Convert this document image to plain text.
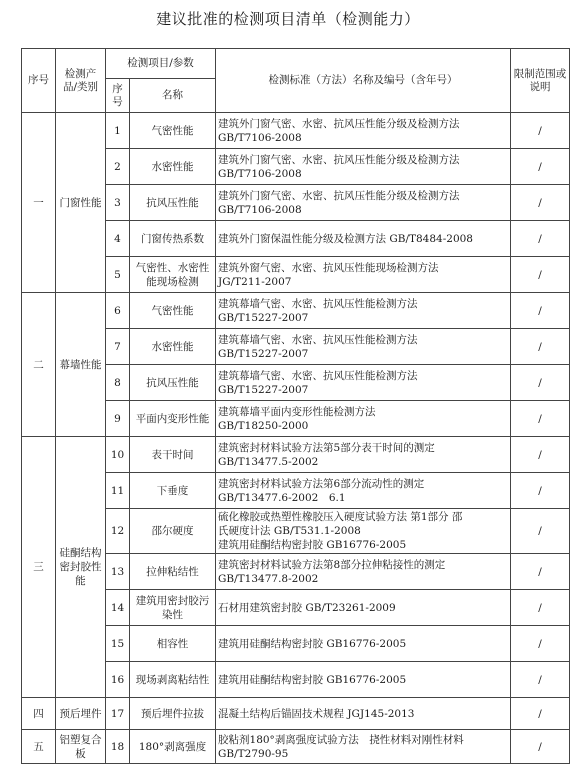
建议批准的检测项目清单（检测能力）
序号	检测产品/类别	检测项目/参数		检测标准（方法）名称及编号（含年号）	限制范围或说明
		序号	名称		
一	门窗性能	1	气密性能	建筑外门窗气密、水密、抗风压性能分级及检测方法
GB/T7106-2008	/
		2	水密性能	建筑外门窗气密、水密、抗风压性能分级及检测方法
GB/T7106-2008	/
		3	抗风压性能	建筑外门窗气密、水密、抗风压性能分级及检测方法
GB/T7106-2008	/
		4	门窗传热系数	建筑外门窗保温性能分级及检测方法 GB/T8484-2008	/
		5	气密性、水密性能现场检测	建筑外窗气密、水密、抗风压性能现场检测方法
JG/T211-2007	/
二	幕墙性能	6	气密性能	建筑幕墙气密、水密、抗风压性能检测方法
GB/T15227-2007	/
		7	水密性能	建筑幕墙气密、水密、抗风压性能检测方法
GB/T15227-2007	/
		8	抗风压性能	建筑幕墙气密、水密、抗风压性能检测方法
GB/T15227-2007	/
		9	平面内变形性能	建筑幕墙平面内变形性能检测方法
GB/T18250-2000	/
三	硅酮结构密封胶性能	10	表干时间	建筑密封材料试验方法第5部分表干时间的测定
GB/T13477.5-2002	/
		11	下垂度	建筑密封材料试验方法第6部分流动性的测定
GB/T13477.6-2002　6.1	/
		12	邵尔硬度	硫化橡胶或热塑性橡胶压入硬度试验方法 第1部分 邵
氏硬度计法 GB/T531.1-2008
建筑用硅酮结构密封胶 GB16776-2005	/
		13	拉伸粘结性	建筑密封材料试验方法第8部分拉伸粘接性的测定
GB/T13477.8-2002	/
		14	建筑用密封胶污染性	石材用建筑密封胶 GB/T23261-2009	/
		15	相容性	建筑用硅酮结构密封胶 GB16776-2005	/
		16	现场剥离粘结性	建筑用硅酮结构密封胶 GB16776-2005	/
四	预后埋件	17	预后埋件拉拔	混凝土结构后锚固技术规程 JGJ145-2013	/
五	铝塑复合板	18	180°剥离强度	胶粘剂180°剥离强度试验方法　挠性材料对刚性材料
GB/T2790-95	/
